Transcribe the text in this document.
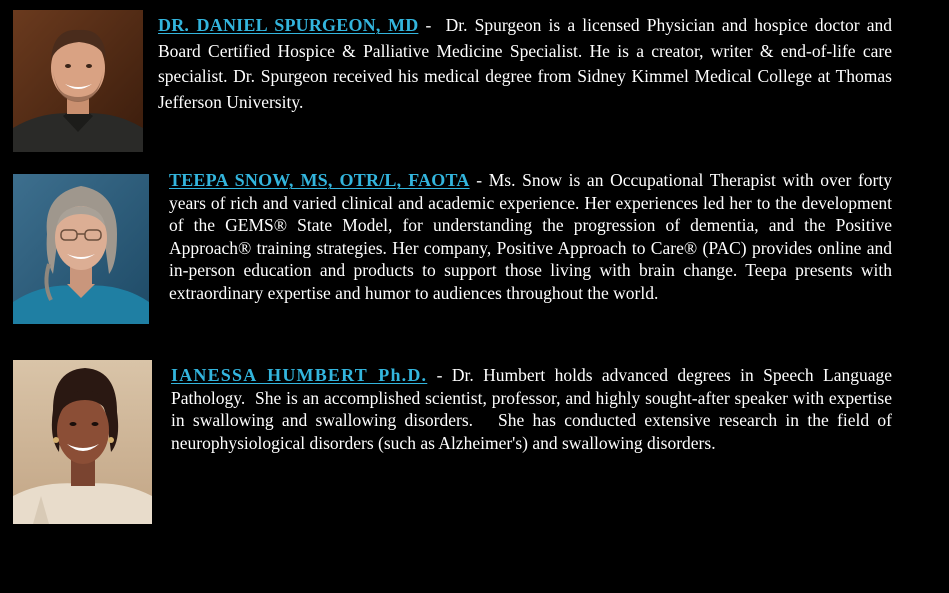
DR. DANIEL SPURGEON, MD -  Dr. Spurgeon is a licensed Physician and hospice doctor and Board Certified Hospice & Palliative Medicine Specialist. He is a creator, writer & end-of-life care specialist. Dr. Spurgeon received his medical degree from Sidney Kimmel Medical College at Thomas Jefferson University.
TEEPA SNOW, MS, OTR/L, FAOTA - Ms. Snow is an Occupational Therapist with over forty years of rich and varied clinical and academic experience. Her experiences led her to the development of the GEMS® State Model, for understanding the progression of dementia, and the Positive Approach® training strategies. Her company, Positive Approach to Care® (PAC) provides online and in-person education and products to support those living with brain change. Teepa presents with extraordinary expertise and humor to audiences throughout the world.
IANESSA HUMBERT Ph.D. - Dr. Humbert holds advanced degrees in Speech Language Pathology.  She is an accomplished scientist, professor, and highly sought-after speaker with expertise in swallowing and swallowing disorders.   She has conducted extensive research in the field of neurophysiological disorders (such as Alzheimer's) and swallowing disorders.
